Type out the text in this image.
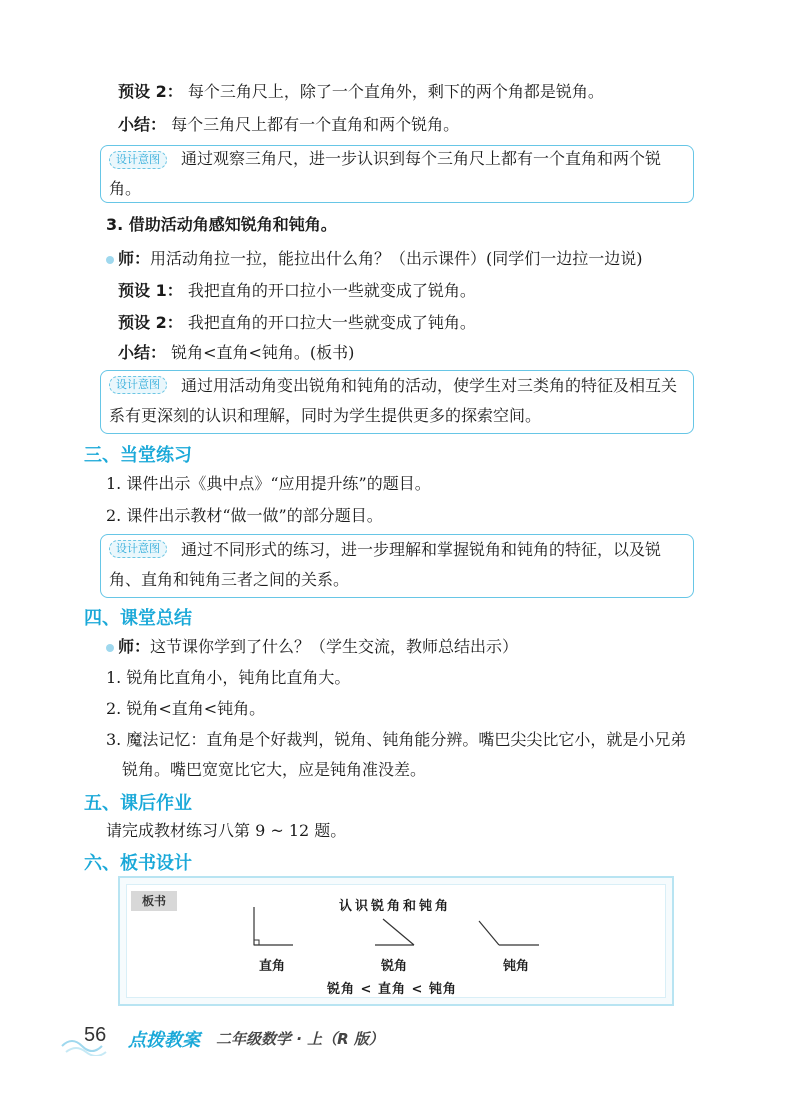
预设 2： 每个三角尺上，除了一个直角外，剩下的两个角都是锐角。
小结： 每个三角尺上都有一个直角和两个锐角。
设计意图	通过观察三角尺，进一步认识到每个三角尺上都有一个直角和两个锐角。
3. 借助活动角感知锐角和钝角。
师：用活动角拉一拉，能拉出什么角？（出示课件）(同学们一边拉一边说)
预设 1： 我把直角的开口拉小一些就变成了锐角。
预设 2： 我把直角的开口拉大一些就变成了钝角。
小结： 锐角<直角<钝角。(板书)
设计意图	通过用活动角变出锐角和钝角的活动，使学生对三类角的特征及相互关系有更深刻的认识和理解，同时为学生提供更多的探索空间。
三、当堂练习
1. 课件出示《典中点》“应用提升练”的题目。
2. 课件出示教材“做一做”的部分题目。
设计意图	通过不同形式的练习，进一步理解和掌握锐角和钝角的特征，以及锐角、直角和钝角三者之间的关系。
四、课堂总结
师：这节课你学到了什么？（学生交流，教师总结出示）
1. 锐角比直角小，钝角比直角大。
2. 锐角<直角<钝角。
3. 魔法记忆：直角是个好裁判，锐角、钝角能分辨。嘴巴尖尖比它小，就是小兄弟
锐角。嘴巴宽宽比它大，应是钝角准没差。
五、课后作业
请完成教材练习八第 9 ~ 12 题。
六、板书设计
板书	认识锐角和钝角
直角	锐角	钝角
锐角 < 直角 < 钝角
56 点拨教案 二年级数学 · 上（R 版）
